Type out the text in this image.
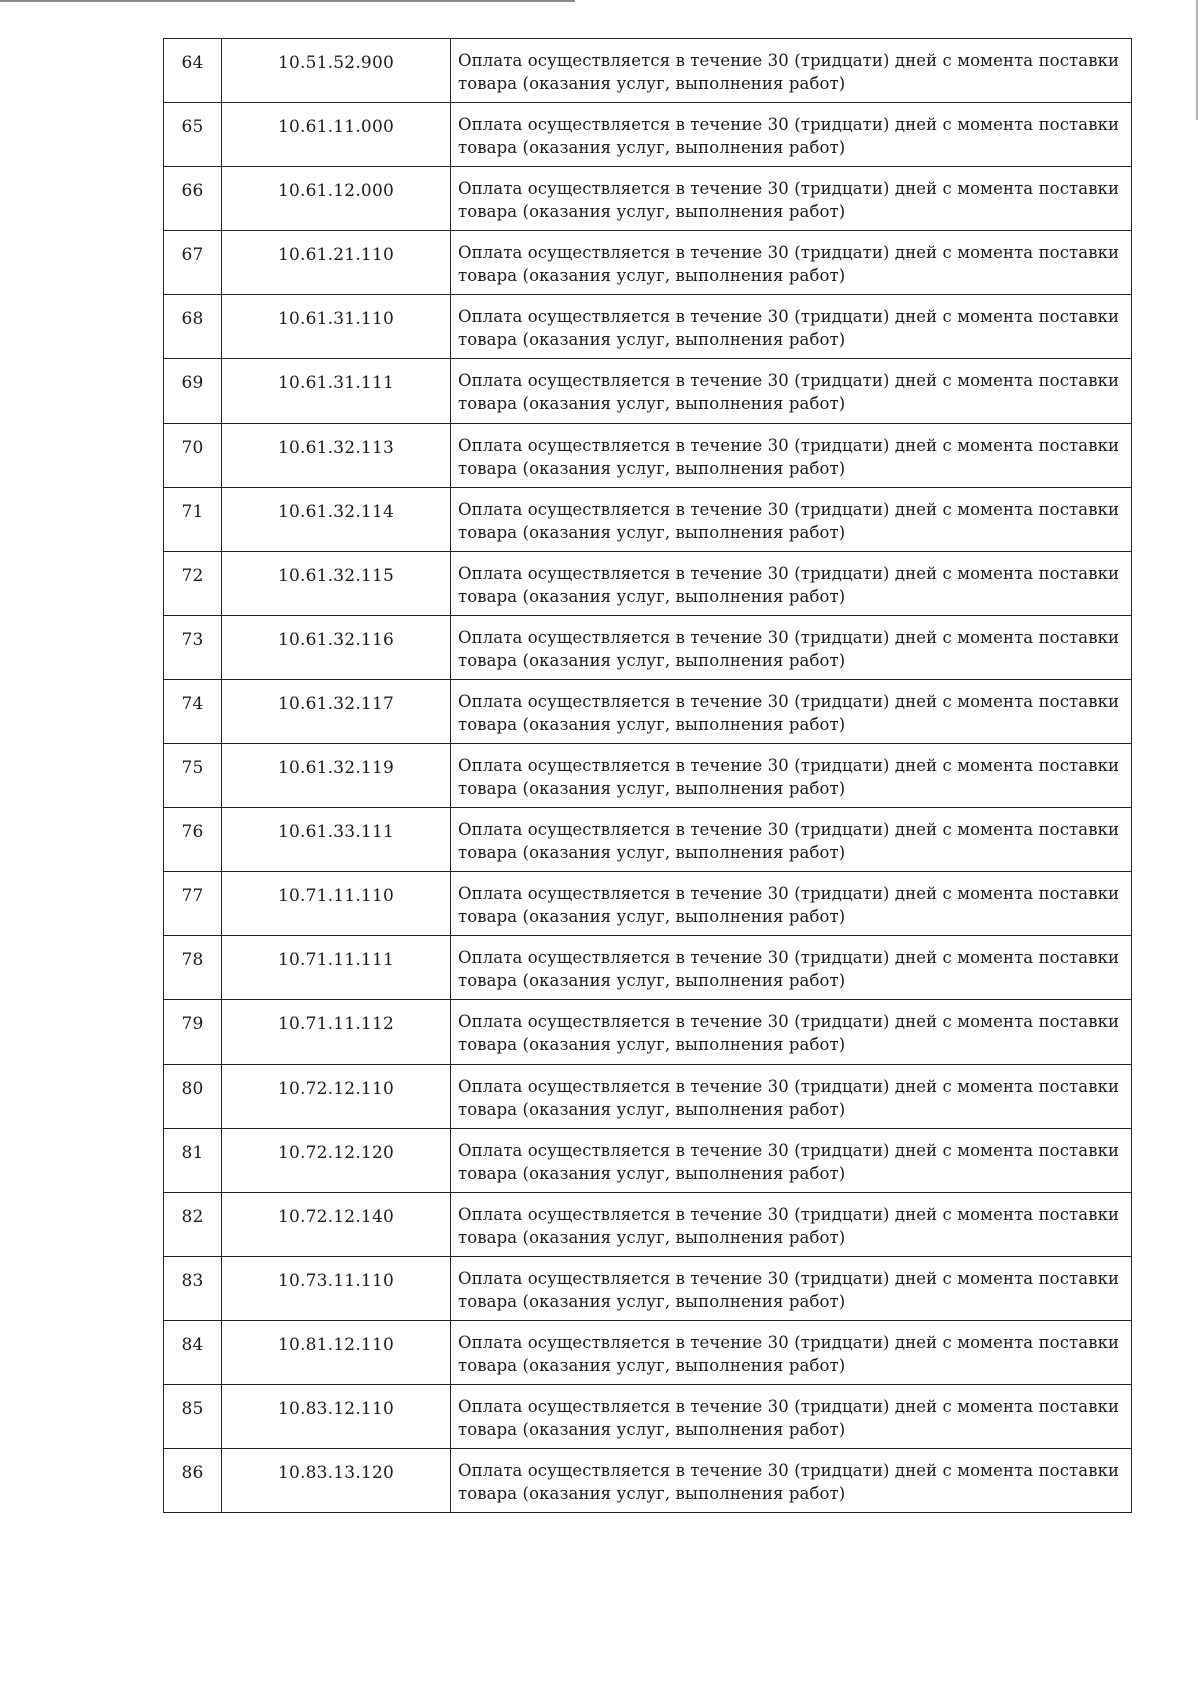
64	10.51.52.900	Оплата осуществляется в течение 30 (тридцати) дней с момента поставки товара (оказания услуг, выполнения работ)
65	10.61.11.000	Оплата осуществляется в течение 30 (тридцати) дней с момента поставки товара (оказания услуг, выполнения работ)
66	10.61.12.000	Оплата осуществляется в течение 30 (тридцати) дней с момента поставки товара (оказания услуг, выполнения работ)
67	10.61.21.110	Оплата осуществляется в течение 30 (тридцати) дней с момента поставки товара (оказания услуг, выполнения работ)
68	10.61.31.110	Оплата осуществляется в течение 30 (тридцати) дней с момента поставки товара (оказания услуг, выполнения работ)
69	10.61.31.111	Оплата осуществляется в течение 30 (тридцати) дней с момента поставки товара (оказания услуг, выполнения работ)
70	10.61.32.113	Оплата осуществляется в течение 30 (тридцати) дней с момента поставки товара (оказания услуг, выполнения работ)
71	10.61.32.114	Оплата осуществляется в течение 30 (тридцати) дней с момента поставки товара (оказания услуг, выполнения работ)
72	10.61.32.115	Оплата осуществляется в течение 30 (тридцати) дней с момента поставки товара (оказания услуг, выполнения работ)
73	10.61.32.116	Оплата осуществляется в течение 30 (тридцати) дней с момента поставки товара (оказания услуг, выполнения работ)
74	10.61.32.117	Оплата осуществляется в течение 30 (тридцати) дней с момента поставки товара (оказания услуг, выполнения работ)
75	10.61.32.119	Оплата осуществляется в течение 30 (тридцати) дней с момента поставки товара (оказания услуг, выполнения работ)
76	10.61.33.111	Оплата осуществляется в течение 30 (тридцати) дней с момента поставки товара (оказания услуг, выполнения работ)
77	10.71.11.110	Оплата осуществляется в течение 30 (тридцати) дней с момента поставки товара (оказания услуг, выполнения работ)
78	10.71.11.111	Оплата осуществляется в течение 30 (тридцати) дней с момента поставки товара (оказания услуг, выполнения работ)
79	10.71.11.112	Оплата осуществляется в течение 30 (тридцати) дней с момента поставки товара (оказания услуг, выполнения работ)
80	10.72.12.110	Оплата осуществляется в течение 30 (тридцати) дней с момента поставки товара (оказания услуг, выполнения работ)
81	10.72.12.120	Оплата осуществляется в течение 30 (тридцати) дней с момента поставки товара (оказания услуг, выполнения работ)
82	10.72.12.140	Оплата осуществляется в течение 30 (тридцати) дней с момента поставки товара (оказания услуг, выполнения работ)
83	10.73.11.110	Оплата осуществляется в течение 30 (тридцати) дней с момента поставки товара (оказания услуг, выполнения работ)
84	10.81.12.110	Оплата осуществляется в течение 30 (тридцати) дней с момента поставки товара (оказания услуг, выполнения работ)
85	10.83.12.110	Оплата осуществляется в течение 30 (тридцати) дней с момента поставки товара (оказания услуг, выполнения работ)
86	10.83.13.120	Оплата осуществляется в течение 30 (тридцати) дней с момента поставки товара (оказания услуг, выполнения работ)
